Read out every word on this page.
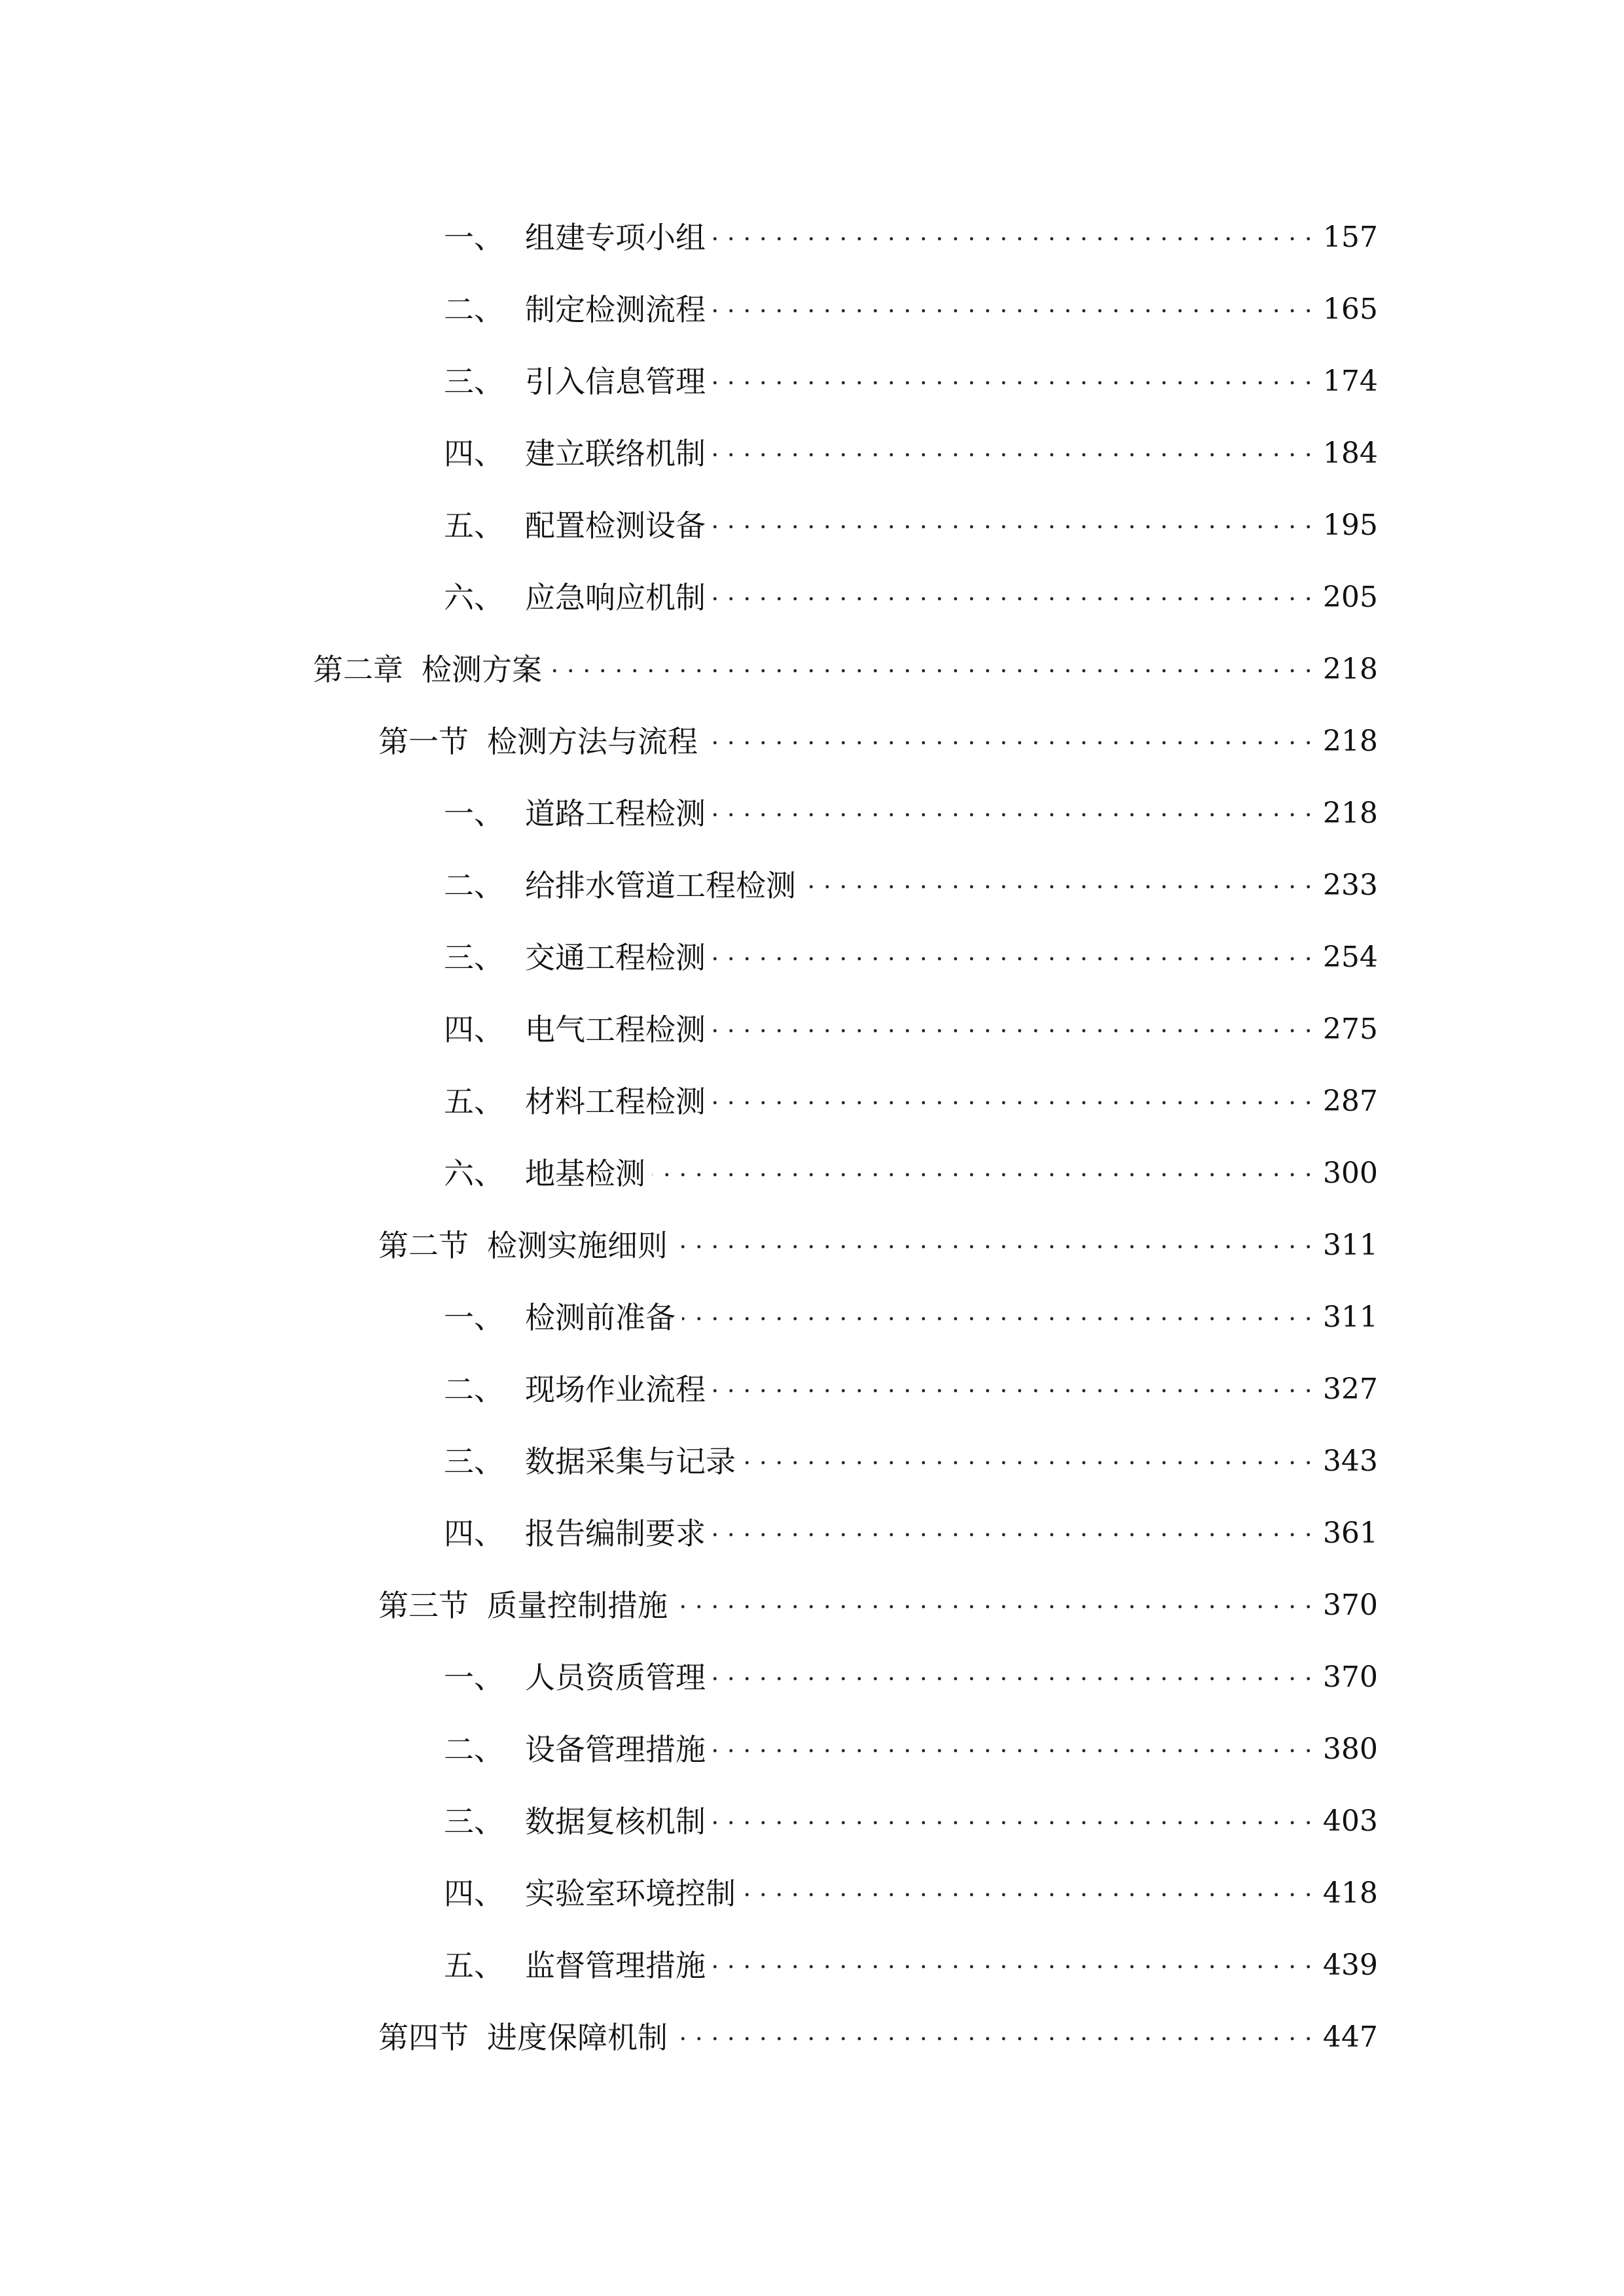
一、 组建专项小组	157
二、 制定检测流程	165
三、 引入信息管理	174
四、 建立联络机制	184
五、 配置检测设备	195
六、 应急响应机制	205
第二章 检测方案	218
第一节 检测方法与流程	218
一、 道路工程检测	218
二、 给排水管道工程检测	233
三、 交通工程检测	254
四、 电气工程检测	275
五、 材料工程检测	287
六、 地基检测	300
第二节 检测实施细则	311
一、 检测前准备	311
二、 现场作业流程	327
三、 数据采集与记录	343
四、 报告编制要求	361
第三节 质量控制措施	370
一、 人员资质管理	370
二、 设备管理措施	380
三、 数据复核机制	403
四、 实验室环境控制	418
五、 监督管理措施	439
第四节 进度保障机制	447
